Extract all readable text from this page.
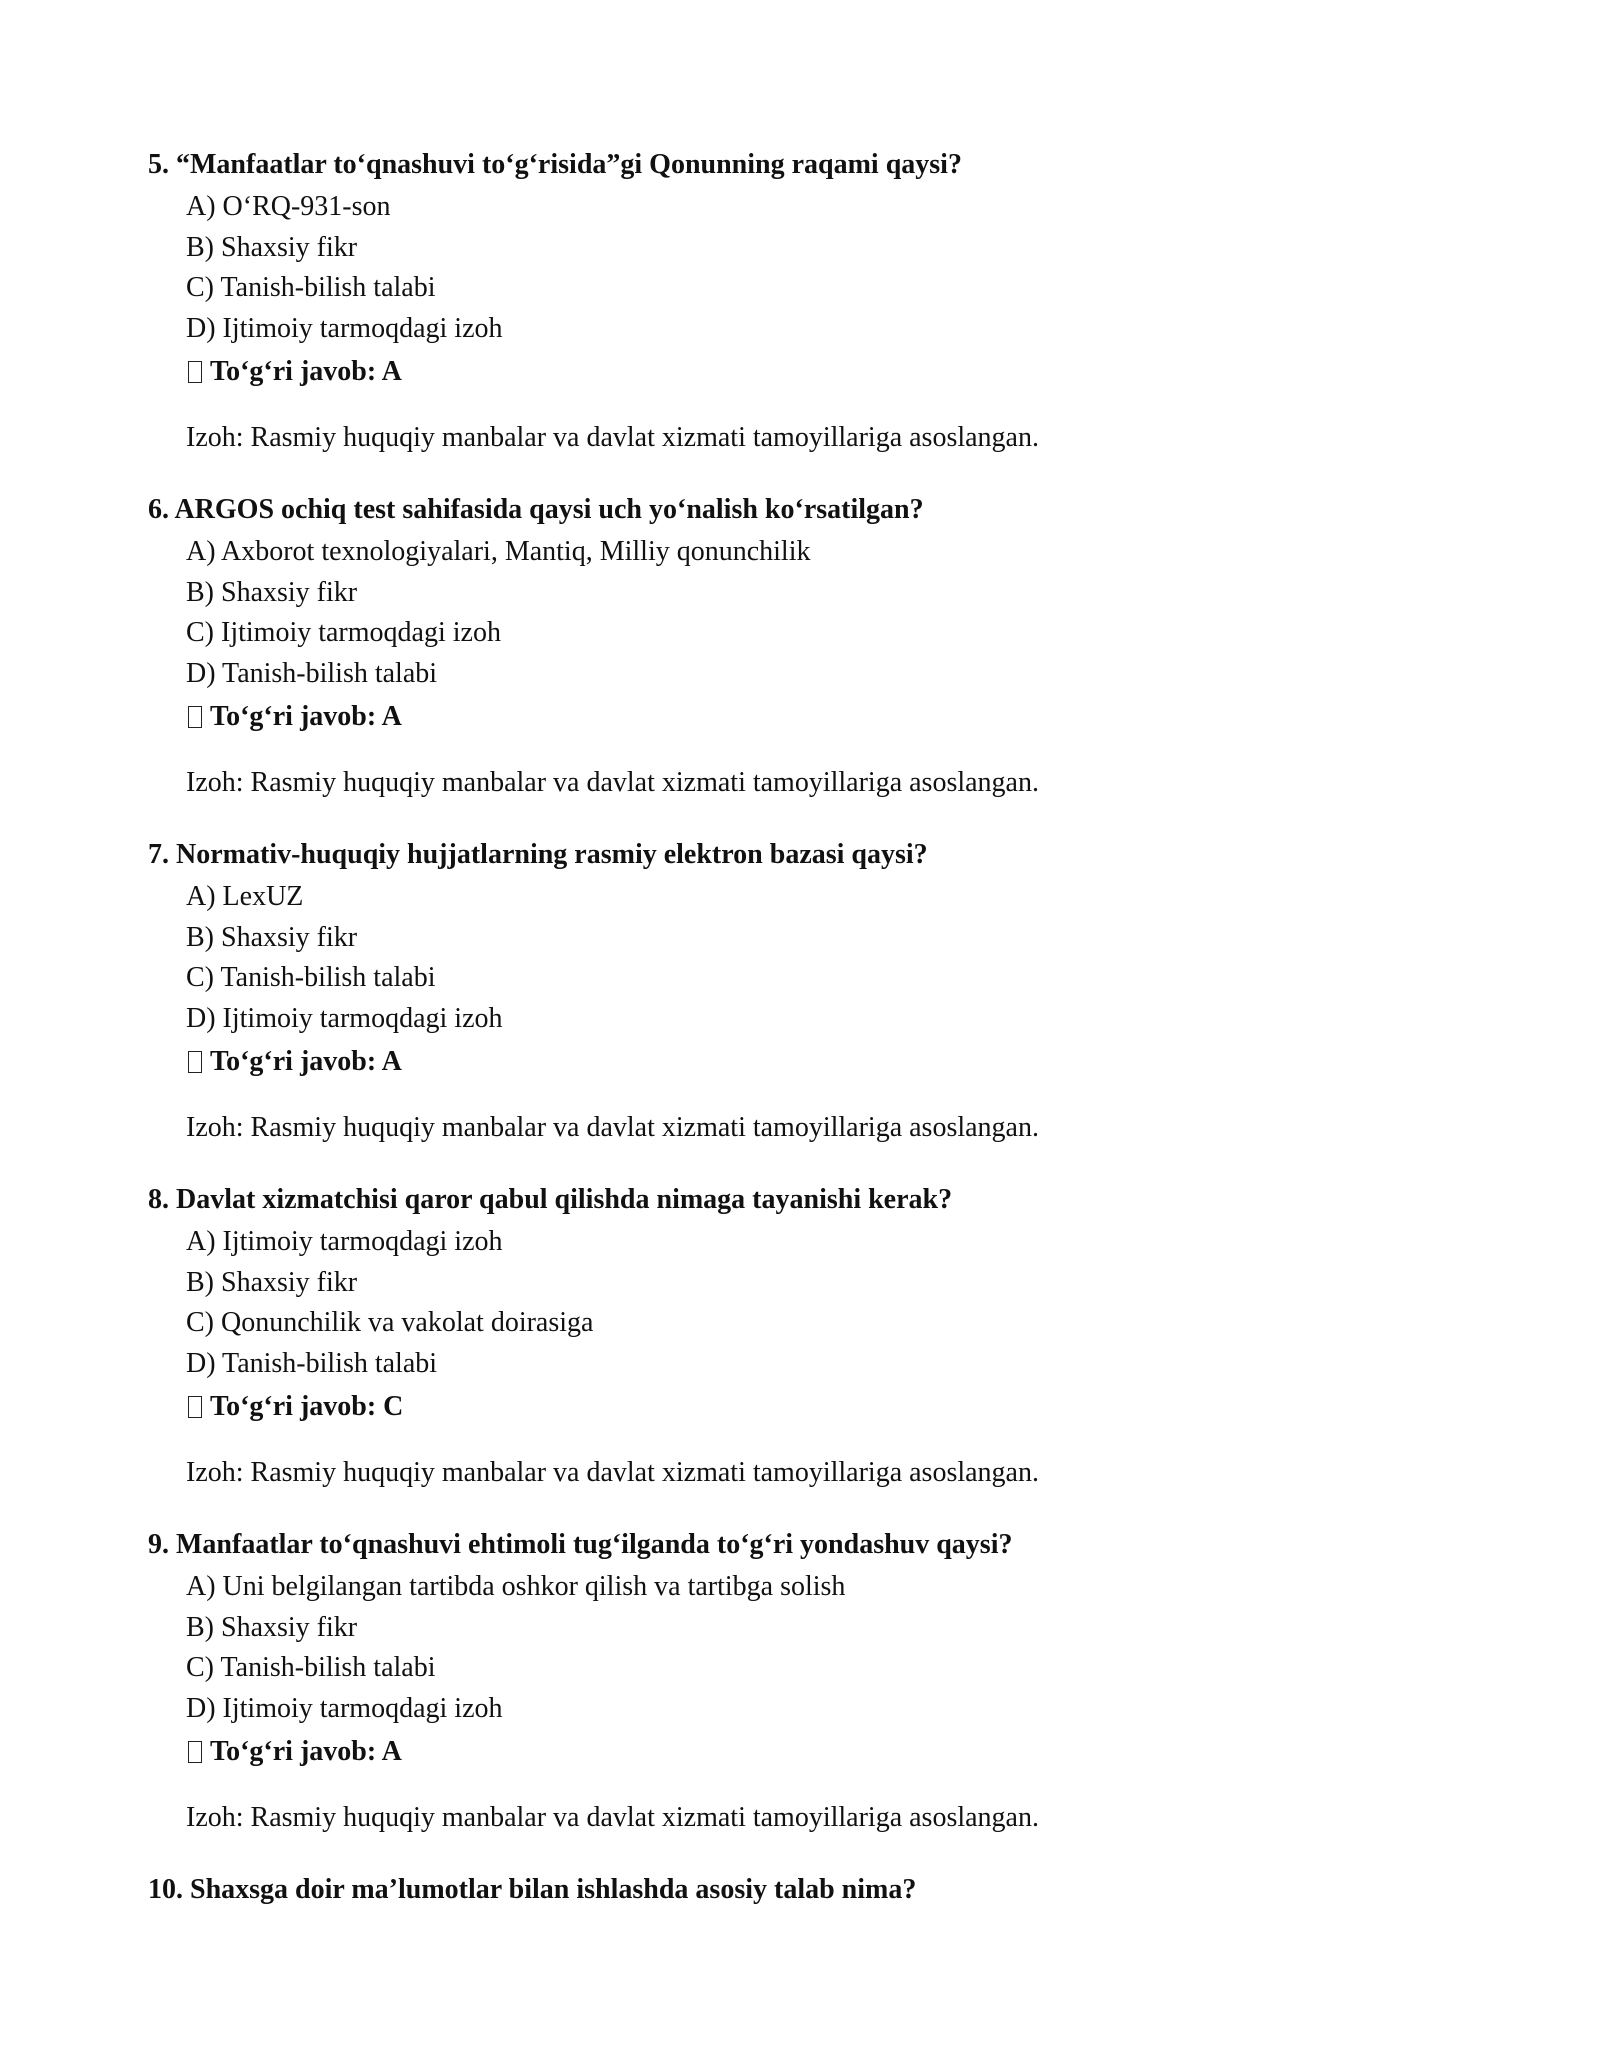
5. “Manfaatlar to‘qnashuvi to‘g‘risida”gi Qonunning raqami qaysi?
A) O‘RQ-931-son
B) Shaxsiy fikr
C) Tanish-bilish talabi
D) Ijtimoiy tarmoqdagi izoh
To‘g‘ri javob: A
Izoh: Rasmiy huquqiy manbalar va davlat xizmati tamoyillariga asoslangan.
6. ARGOS ochiq test sahifasida qaysi uch yo‘nalish ko‘rsatilgan?
A) Axborot texnologiyalari, Mantiq, Milliy qonunchilik
B) Shaxsiy fikr
C) Ijtimoiy tarmoqdagi izoh
D) Tanish-bilish talabi
To‘g‘ri javob: A
Izoh: Rasmiy huquqiy manbalar va davlat xizmati tamoyillariga asoslangan.
7. Normativ-huquqiy hujjatlarning rasmiy elektron bazasi qaysi?
A) LexUZ
B) Shaxsiy fikr
C) Tanish-bilish talabi
D) Ijtimoiy tarmoqdagi izoh
To‘g‘ri javob: A
Izoh: Rasmiy huquqiy manbalar va davlat xizmati tamoyillariga asoslangan.
8. Davlat xizmatchisi qaror qabul qilishda nimaga tayanishi kerak?
A) Ijtimoiy tarmoqdagi izoh
B) Shaxsiy fikr
C) Qonunchilik va vakolat doirasiga
D) Tanish-bilish talabi
To‘g‘ri javob: C
Izoh: Rasmiy huquqiy manbalar va davlat xizmati tamoyillariga asoslangan.
9. Manfaatlar to‘qnashuvi ehtimoli tug‘ilganda to‘g‘ri yondashuv qaysi?
A) Uni belgilangan tartibda oshkor qilish va tartibga solish
B) Shaxsiy fikr
C) Tanish-bilish talabi
D) Ijtimoiy tarmoqdagi izoh
To‘g‘ri javob: A
Izoh: Rasmiy huquqiy manbalar va davlat xizmati tamoyillariga asoslangan.
10. Shaxsga doir ma’lumotlar bilan ishlashda asosiy talab nima?
